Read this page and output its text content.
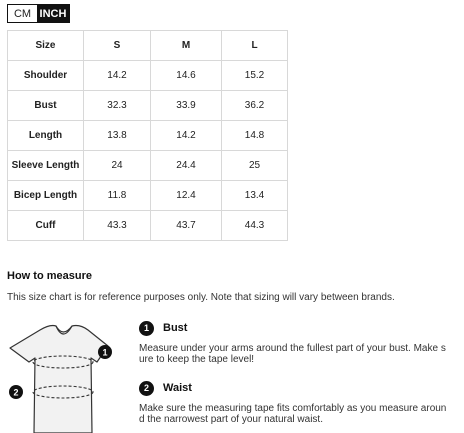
CM INCH
Size	S	M	L
Shoulder	14.2	14.6	15.2
Bust	32.3	33.9	36.2
Length	13.8	14.2	14.8
Sleeve Length	24	24.4	25
Bicep Length	11.8	12.4	13.4
Cuff	43.3	43.7	44.3
How to measure
This size chart is for reference purposes only. Note that sizing will vary between brands.
1
2
1	Bust
Measure under your arms around the fullest part of your bust. Make s
ure to keep the tape level!
2	Waist
Make sure the measuring tape fits comfortably as you measure aroun
d the narrowest part of your natural waist.
